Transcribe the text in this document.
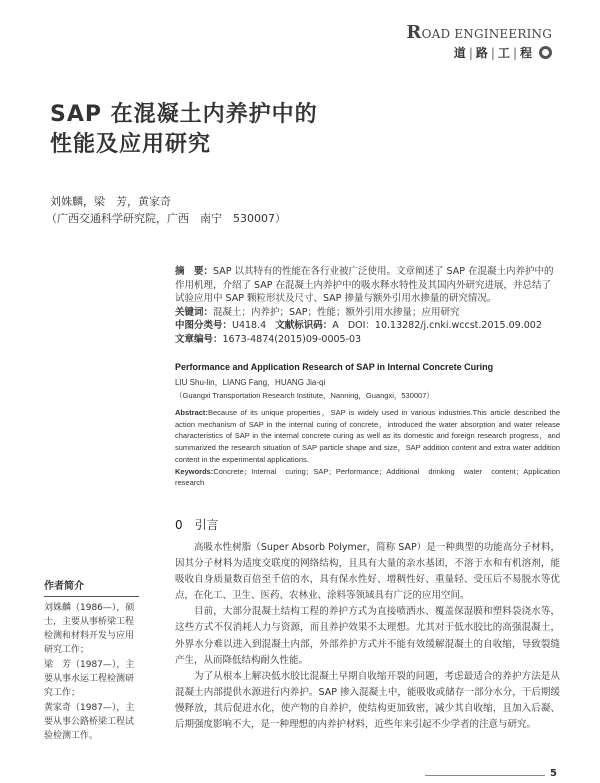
ROAD ENGINEERING
道 | 路 | 工 | 程
SAP 在混凝土内养护中的
性能及应用研究
刘姝麟，梁　芳，黄家奇
（广西交通科学研究院，广西　南宁　530007）

摘　要：SAP 以其特有的性能在各行业被广泛使用。文章阐述了 SAP 在混凝土内养护中的作用机理，介绍了 SAP 在混凝土内养护中的吸水释水特性及其国内外研究进展，并总结了试验应用中 SAP 颗粒形状及尺寸、SAP 掺量与额外引用水掺量的研究情况。

关键词：混凝土；内养护；SAP；性能；额外引用水掺量；应用研究

中图分类号：U418.4 文献标识码：A DOI：10.13282/j.cnki.wccst.2015.09.002

文章编号：1673-4874(2015)09-0005-03

Performance and Application Research of SAP in Internal Concrete Curing
LIU Shu-lin，LIANG Fang，HUANG Jia-qi
（Guangxi Transportation Research Institute，Nanning，Guangxi，530007）

Abstract:Because of its unique properties，SAP is widely used in various industries.This article described the action mechanism of SAP in the internal curing of concrete，introduced the water absorption and water release characteristics of SAP in the internal concrete curing as well as its domestic and foreign research progress，and summarized the research situation of SAP particle shape and size，SAP addition content and extra water addition content in the experimental applications.

Keywords:Concrete；Internal curing；SAP；Performance；Additional drinking water content；Application research

0 引言

高吸水性树脂（Super Absorb Polymer，简称 SAP）是一种典型的功能高分子材料，因其分子材料为适度交联度的网络结构，且具有大量的亲水基团，不溶于水和有机溶剂，能吸收自身质量数百倍至千倍的水，具有保水性好、增稠性好、重量轻、受压后不易脱水等优点，在化工、卫生、医药、农林业、涂料等领域具有广泛的应用空间。

目前，大部分混凝土结构工程的养护方式为直接喷洒水、覆盖保湿膜和塑料袋浇水等，这些方式不仅消耗人力与资源，而且养护效果不太理想。尤其对于低水胶比的高强混凝土，外界水分难以进入到混凝土内部，外部养护方式并不能有效缓解混凝土的自收缩，导致裂缝产生，从而降低结构耐久性能。

为了从根本上解决低水胶比混凝土早期自收缩开裂的问题，考虑最适合的养护方法是从混凝土内部提供水源进行内养护。SAP 掺入混凝土中，能吸收或储存一部分水分，干后期缓慢释放，其后促进水化，使产物的自养护，使结构更加致密，减少其自收缩，且加入后凝、后期强度影响不大，是一种理想的内养护材料，近些年来引起不少学者的注意与研究。

作者简介

刘姝麟（1986—），硕士，主要从事桥梁工程检测和材料开发与应用研究工作；

梁　芳（1987—），主要从事水运工程检测研究工作；

黄家奇（1987—），主要从事公路桥梁工程试验检测工作。

5
